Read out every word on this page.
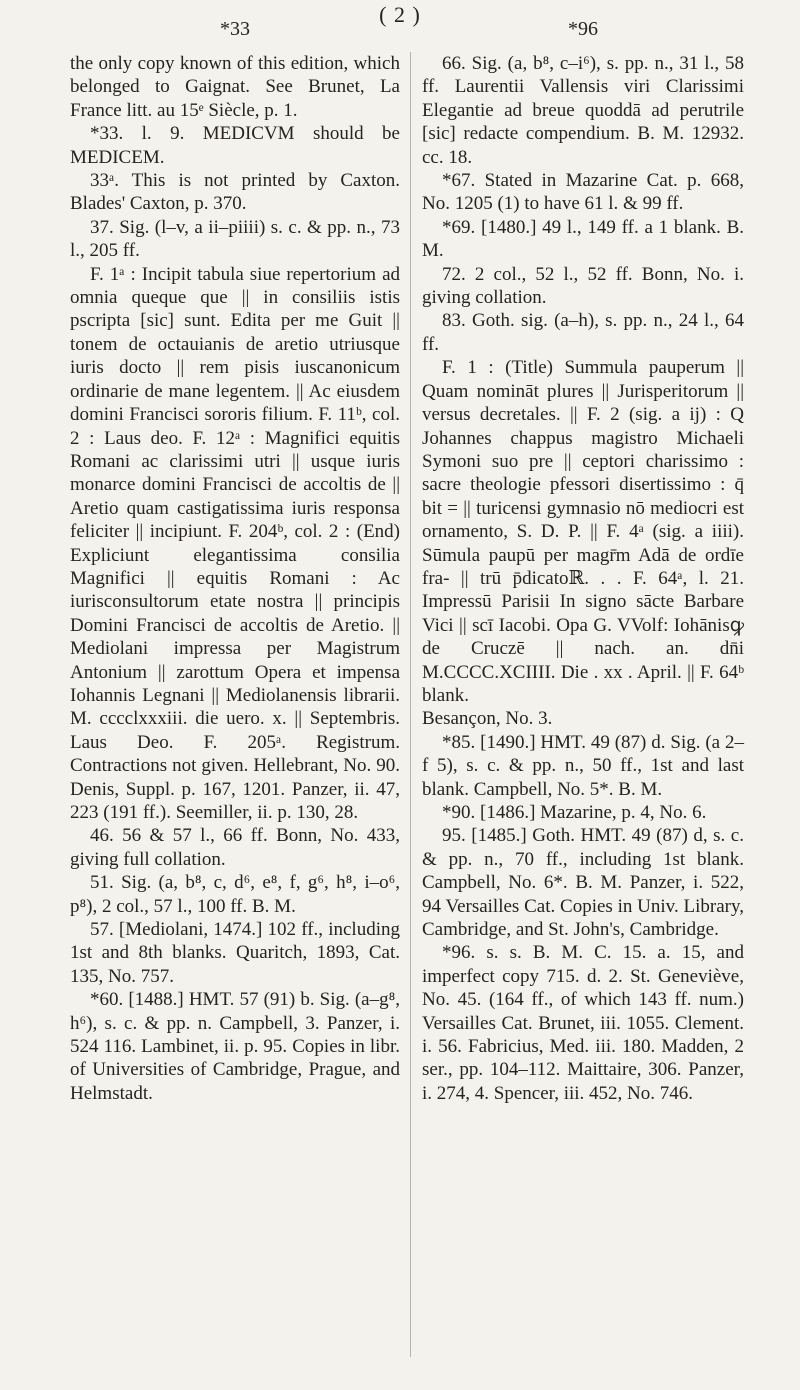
( 2 )
*33

the only copy known of this edition, which belonged to Gaignat. See Brunet, La France litt. au 15ᵉ Siècle, p. 1.

*33. l. 9. MEDICVM should be MEDICEM.

33ᵃ. This is not printed by Caxton. Blades' Caxton, p. 370.

37. Sig. (l–v, a ii–piiii) s. c. & pp. n., 73 l., 205 ff.

F. 1ᵃ : Incipit tabula siue repertorium ad omnia queque que || in consiliis istis pscripta [sic] sunt. Edita per me Guit || tonem de octauianis de aretio utriusque iuris docto || rem pisis iuscanonicum ordinarie de mane legentem. || Ac eiusdem domini Francisci sororis filium. F. 11ᵇ, col. 2 : Laus deo. F. 12ᵃ : Magnifici equitis Romani ac clarissimi utri || usque iuris monarce domini Francisci de accoltis de || Aretio quam castigatissima iuris responsa feliciter || incipiunt. F. 204ᵇ, col. 2 : (End) Expliciunt elegantissima consilia Magnifici || equitis Romani : Ac iurisconsultorum etate nostra || principis Domini Francisci de accoltis de Aretio. || Mediolani impressa per Magistrum Antonium || zarottum Opera et impensa Iohannis Legnani || Mediolanensis librarii. M. cccclxxxiii. die uero. x. || Septembris. Laus Deo. F. 205ᵃ. Registrum. Contractions not given. Hellebrant, No. 90. Denis, Suppl. p. 167, 1201. Panzer, ii. 47, 223 (191 ff.). Seemiller, ii. p. 130, 28.

46. 56 & 57 l., 66 ff. Bonn, No. 433, giving full collation.

51. Sig. (a, b⁸, c, d⁶, e⁸, f, g⁶, h⁸, i–o⁶, p⁸), 2 col., 57 l., 100 ff. B. M.

57. [Mediolani, 1474.] 102 ff., including 1st and 8th blanks. Quaritch, 1893, Cat. 135, No. 757.

*60. [1488.] HMT. 57 (91) b. Sig. (a–g⁸, h⁶), s. c. & pp. n. Campbell, 3. Panzer, i. 524 116. Lambinet, ii. p. 95. Copies in libr. of Universities of Cambridge, Prague, and Helmstadt.

*96

66. Sig. (a, b⁸, c–i⁶), s. pp. n., 31 l., 58 ff. Laurentii Vallensis viri Clarissimi Elegantie ad breue quoddā ad perutrile [sic] redacte compendium. B. M. 12932. cc. 18.

*67. Stated in Mazarine Cat. p. 668, No. 1205 (1) to have 61 l. & 99 ff.

*69. [1480.] 49 l., 149 ff. a 1 blank. B. M.

72. 2 col., 52 l., 52 ff. Bonn, No. i. giving collation.

83. Goth. sig. (a–h), s. pp. n., 24 l., 64 ff.

F. 1 : (Title) Summula pauperum || Quam nomināt plures || Jurisperitorum || versus decretales. || F. 2 (sig. a ij) : Q Johannes chappus magistro Michaeli Symoni suo pre || ceptori charissimo : sacre theologie pfessori disertissimo : q̄ bit = || turicensi gymnasio nō mediocri est ornamento, S. D. P. || F. 4ᵃ (sig. a iiii). Sūmula paupū per magr̄m Adā de ordīe fra- || trū p̄dicatoℝ. . . F. 64ᵃ, l. 21. Impressū Parisii In signo sācte Barbare Vici || scī Iacobi. Opa G. VVolf: Iohānisꝙ de Cruczē || nach. an. dn̄i M.CCCC.XCIIII. Die . xx . April. || F. 64ᵇ blank.

Besançon, No. 3.

*85. [1490.] HMT. 49 (87) d. Sig. (a 2–f 5), s. c. & pp. n., 50 ff., 1st and last blank. Campbell, No. 5*. B. M.

*90. [1486.] Mazarine, p. 4, No. 6.

95. [1485.] Goth. HMT. 49 (87) d, s. c. & pp. n., 70 ff., including 1st blank. Campbell, No. 6*. B. M. Panzer, i. 522, 94 Versailles Cat. Copies in Univ. Library, Cambridge, and St. John's, Cambridge.

*96. s. s. B. M. C. 15. a. 15, and imperfect copy 715. d. 2. St. Geneviève, No. 45. (164 ff., of which 143 ff. num.) Versailles Cat. Brunet, iii. 1055. Clement. i. 56. Fabricius, Med. iii. 180. Madden, 2 ser., pp. 104–112. Maittaire, 306. Panzer, i. 274, 4. Spencer, iii. 452, No. 746.
